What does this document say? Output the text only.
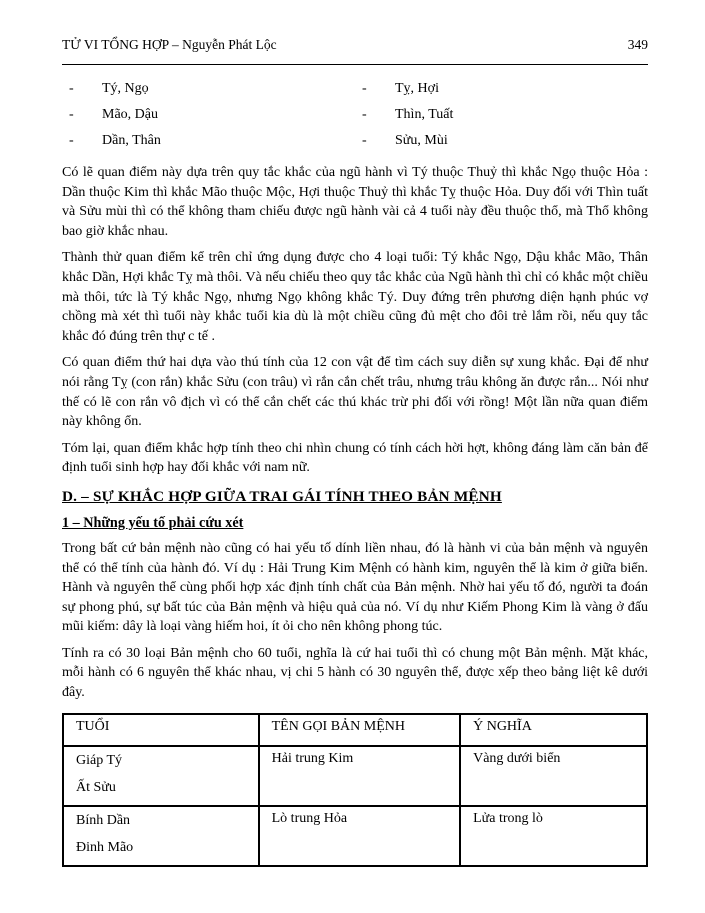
TỬ VI TỔNG HỢP – Nguyễn Phát Lộc	349
-	Tý, Ngọ	-	Tỵ, Hợi
-	Mão, Dậu	-	Thìn, Tuất
-	Dần, Thân	-	Sửu, Mùi

Có lẽ quan điểm này dựa trên quy tắc khắc của ngũ hành vì Tý thuộc Thuỷ thì khắc Ngọ thuộc Hỏa : Dần thuộc Kim thì khắc Mão thuộc Mộc, Hợi thuộc Thuỷ thì khắc Tỵ thuộc Hỏa. Duy đối với Thìn tuất và Sửu mùi thì có thể không tham chiếu được ngũ hành vài cả 4 tuổi này đều thuộc thổ, mà Thổ không bao giờ khắc nhau.

Thành thử quan điểm kể trên chỉ ứng dụng được cho 4 loại tuổi: Tý khắc Ngọ, Dậu khắc Mão, Thân khắc Dần, Hợi khắc Tỵ mà thôi. Và nếu chiếu theo quy tắc khắc của Ngũ hành thì chỉ có khắc một chiều mà thôi, tức là Tý khắc Ngọ, nhưng Ngọ không khắc Tý. Duy đứng trên phương diện hạnh phúc vợ chồng mà xét thì tuổi này khắc tuổi kia dù là một chiều cũng đủ mệt cho đôi trẻ lắm rồi, nếu quy tắc khắc đó đúng trên thự c tế .

Có quan điểm thứ hai dựa vào thú tính của 12 con vật để tìm cách suy diễn sự xung khắc. Đại để như nói rằng Tỵ (con rắn) khắc Sửu (con trâu) vì rắn cắn chết trâu, nhưng trâu không ăn được rắn... Nói như thế có lẽ con rắn vô địch vì có thể cắn chết các thú khác trừ phi đối với rồng! Một lần nữa quan điểm này không ổn.

Tóm lại, quan điểm khắc hợp tính theo chi nhìn chung có tính cách hời hợt, không đáng làm căn bản để định tuổi sinh hợp hay đối khắc với nam nữ.

D. – SỰ KHẮC HỢP GIỮA TRAI GÁI TÍNH THEO BẢN MỆNH
1 – Những yếu tố phải cứu xét

Trong bất cứ bản mệnh nào cũng có hai yếu tố dính liền nhau, đó là hành vi của bản mệnh và nguyên thể có thể tính của hành đó. Ví dụ : Hải Trung Kim Mệnh có hành kim, nguyên thể là kim ở giữa biển. Hành và nguyên thể cùng phối hợp xác định tính chất của Bản mệnh. Nhờ hai yếu tố đó, người ta đoán sự phong phú, sự bất túc của Bản mệnh và hiệu quả của nó. Ví dụ như Kiếm Phong Kim là vàng ở đấu mũi kiếm: dây là loại vàng hiếm hoi, ít ỏi cho nên không phong túc.

Tính ra có 30 loại Bản mệnh cho 60 tuổi, nghĩa là cứ hai tuổi thì có chung một Bản mệnh. Mặt khác, mỗi hành có 6 nguyên thể khác nhau, vị chi 5 hành có 30 nguyên thể, được xếp theo bảng liệt kê dưới đây.

TUỔI	TÊN GỌI BẢN MỆNH	Ý NGHĨA

Giáp Tý
Ất Sửu	Hải trung Kim	Vàng dưới biển

Bính Dần
Đinh Mão	Lò trung Hỏa	Lửa trong lò
